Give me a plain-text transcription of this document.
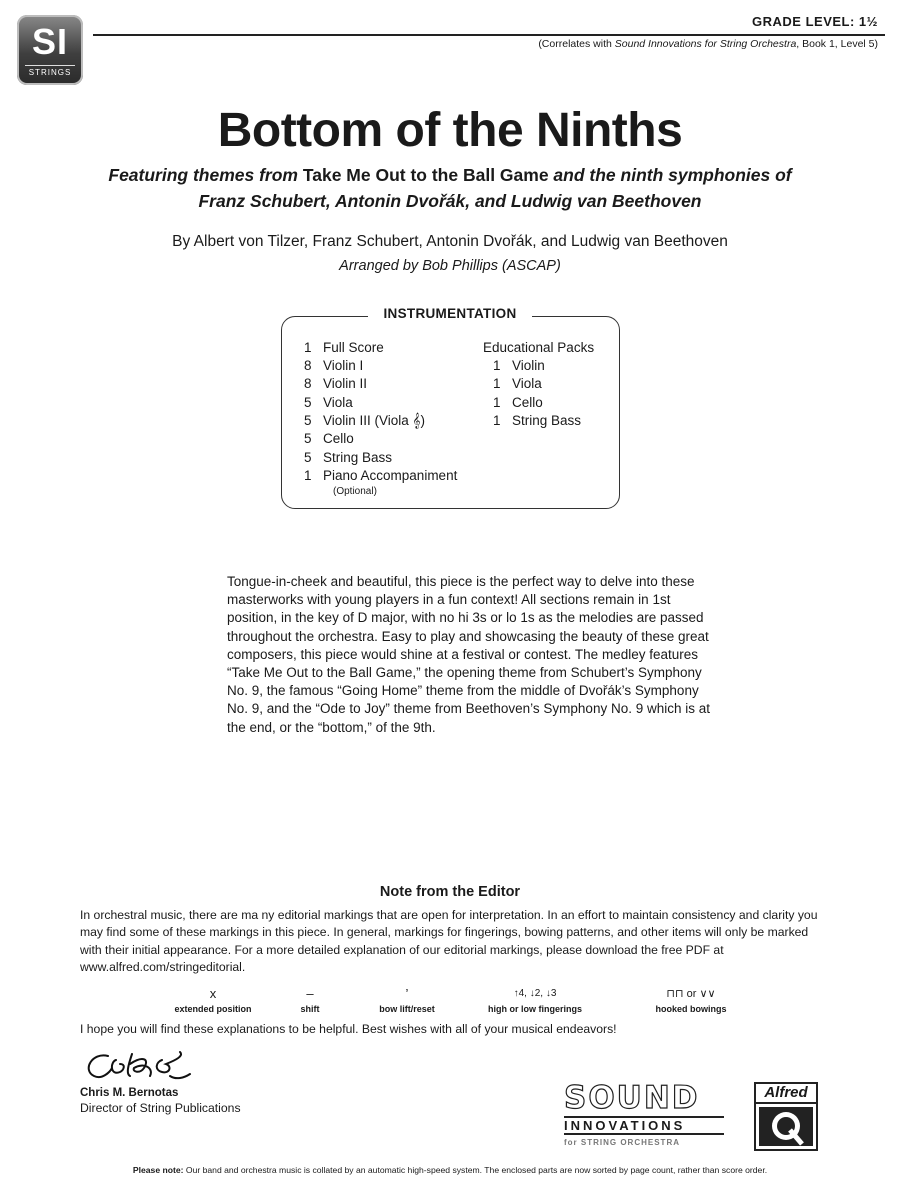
SI
STRINGS
GRADE LEVEL: 1½
(Correlates with Sound Innovations for String Orchestra, Book 1, Level 5)
Bottom of the Ninths
Featuring themes from Take Me Out to the Ball Game and the ninth symphonies of
Franz Schubert, Antonin Dvořák, and Ludwig van Beethoven
By Albert von Tilzer, Franz Schubert, Antonin Dvořák, and Ludwig van Beethoven
Arranged by Bob Phillips (ASCAP)
INSTRUMENTATION
1 Full Score
8 Violin I
8 Violin II
5 Viola
5 Violin III (Viola 𝄞)
5 Cello
5 String Bass
1 Piano Accompaniment
(Optional)
Educational Packs
1 Violin
1 Viola
1 Cello
1 String Bass
Tongue-in-cheek and beautiful, this piece is the perfect way to delve into these masterworks with young players in a fun context! All sections remain in 1st position, in the key of D major, with no hi 3s or lo 1s as the melodies are passed throughout the orchestra. Easy to play and showcasing the beauty of these great composers, this piece would shine at a festival or contest. The medley features “Take Me Out to the Ball Game,” the opening theme from Schubert’s Symphony No. 9, the famous “Going Home” theme from the middle of Dvořák’s Symphony No. 9, and the “Ode to Joy” theme from Beethoven’s Symphony No. 9 which is at the end, or the “bottom,” of the 9th.
Note from the Editor
In orchestral music, there are ma ny editorial markings that are open for interpretation. In an effort to maintain consistency and clarity you may find some of these markings in this piece. In general, markings for fingerings, bowing patterns, and other items will only be marked with their initial appearance. For a more detailed explanation of our editorial markings, please download the free PDF at www.alfred.com/stringeditorial.
x
extended position
–
shift
’
bow lift/reset
↑4, ↓2, ↓3
high or low fingerings
⊓⊓ or ∨∨
hooked bowings
I hope you will find these explanations to be helpful. Best wishes with all of your musical endeavors!
Chris M. Bernotas
Director of String Publications	SOUND
INNOVATIONS
for STRING ORCHESTRA
Alfred
Please note: Our band and orchestra music is collated by an automatic high-speed system. The enclosed parts are now sorted by page count, rather than score order.
